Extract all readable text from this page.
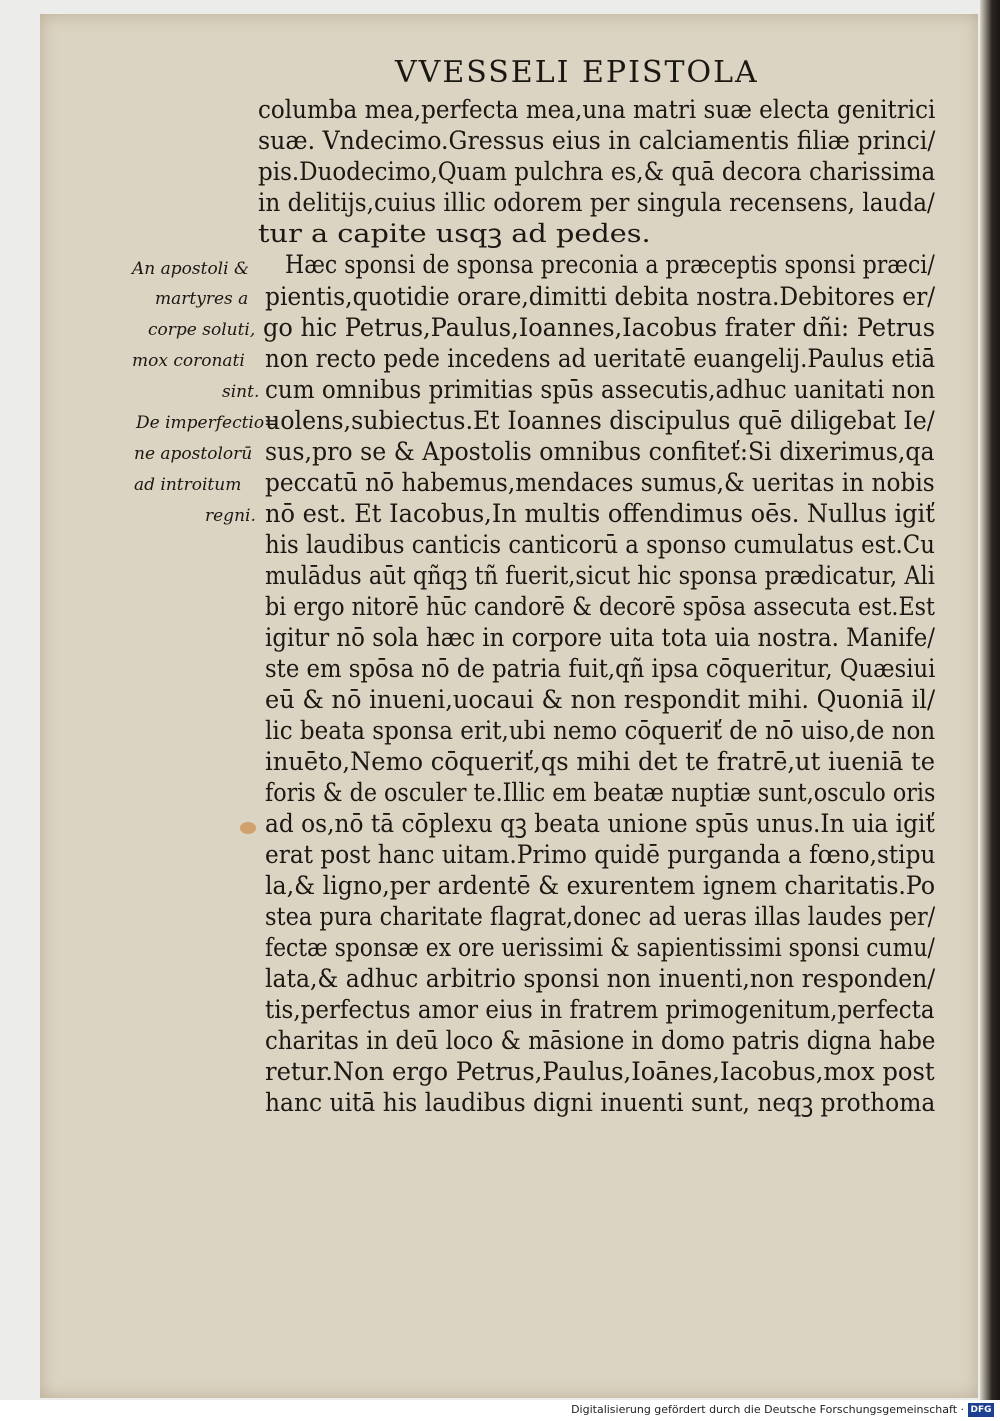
VVESSELI EPISTOLA
columba mea,perfecta mea,una matri suæ electa genitrici
suæ. Vndecimo.Gressus eius in calciamentis filiæ princi/
pis.Duodecimo,Quam pulchra es,& quā decora charissima
in delitijs,cuius illic odorem per singula recensens, lauda/
tur a capite usqꝫ ad pedes.
Hæc sponsi de sponsa preconia a præceptis sponsi præci/
pientis,quotidie orare,dimitti debita nostra.Debitores er/
go hic Petrus,Paulus,Ioannes,Iacobus frater dñi: Petrus
non recto pede incedens ad ueritatē euangelij.Paulus etiā
cum omnibus primitias spūs assecutis,adhuc uanitati non
uolens,subiectus.Et Ioannes discipulus quē diligebat Ie/
sus,pro se & Apostolis omnibus confiteť:Si dixerimus,qa
peccatū nō habemus,mendaces sumus,& ueritas in nobis
nō est. Et Iacobus,In multis offendimus oēs. Nullus igiť
his laudibus canticis canticorū a sponso cumulatus est.Cu
mulādus aūt qñqꝫ tñ fuerit,sicut hic sponsa prædicatur, Ali
bi ergo nitorē hūc candorē & decorē spōsa assecuta est.Est
igitur nō sola hæc in corpore uita tota uia nostra. Manife/
ste em spōsa nō de patria fuit,qñ ipsa cōqueritur, Quæsiui
eū & nō inueni,uocaui & non respondit mihi. Quoniā il/
lic beata sponsa erit,ubi nemo cōqueriť de nō uiso,de non
inuēto,Nemo cōqueriť,qs mihi det te fratrē,ut iueniā te
foris & de osculer te.Illic em beatæ nuptiæ sunt,osculo oris
ad os,nō tā cōplexu qꝫ beata unione spūs unus.In uia igiť
erat post hanc uitam.Primo quidē purganda a fœno,stipu
la,& ligno,per ardentē & exurentem ignem charitatis.Po
stea pura charitate flagrat,donec ad ueras illas laudes per/
fectæ sponsæ ex ore uerissimi & sapientissimi sponsi cumu/
lata,& adhuc arbitrio sponsi non inuenti,non responden/
tis,perfectus amor eius in fratrem primogenitum,perfecta
charitas in deū loco & māsione in domo patris digna habe
retur.Non ergo Petrus,Paulus,Ioānes,Iacobus,mox post
hanc uitā his laudibus digni inuenti sunt, neqꝫ prothoma
An apostoli &
martyres a
corpe soluti,
mox coronati
sint.
De imperfectio=
ne apostolorū
ad introitum
regni.
Digitalisierung gefördert durch die Deutsche Forschungsgemeinschaft · DFG
